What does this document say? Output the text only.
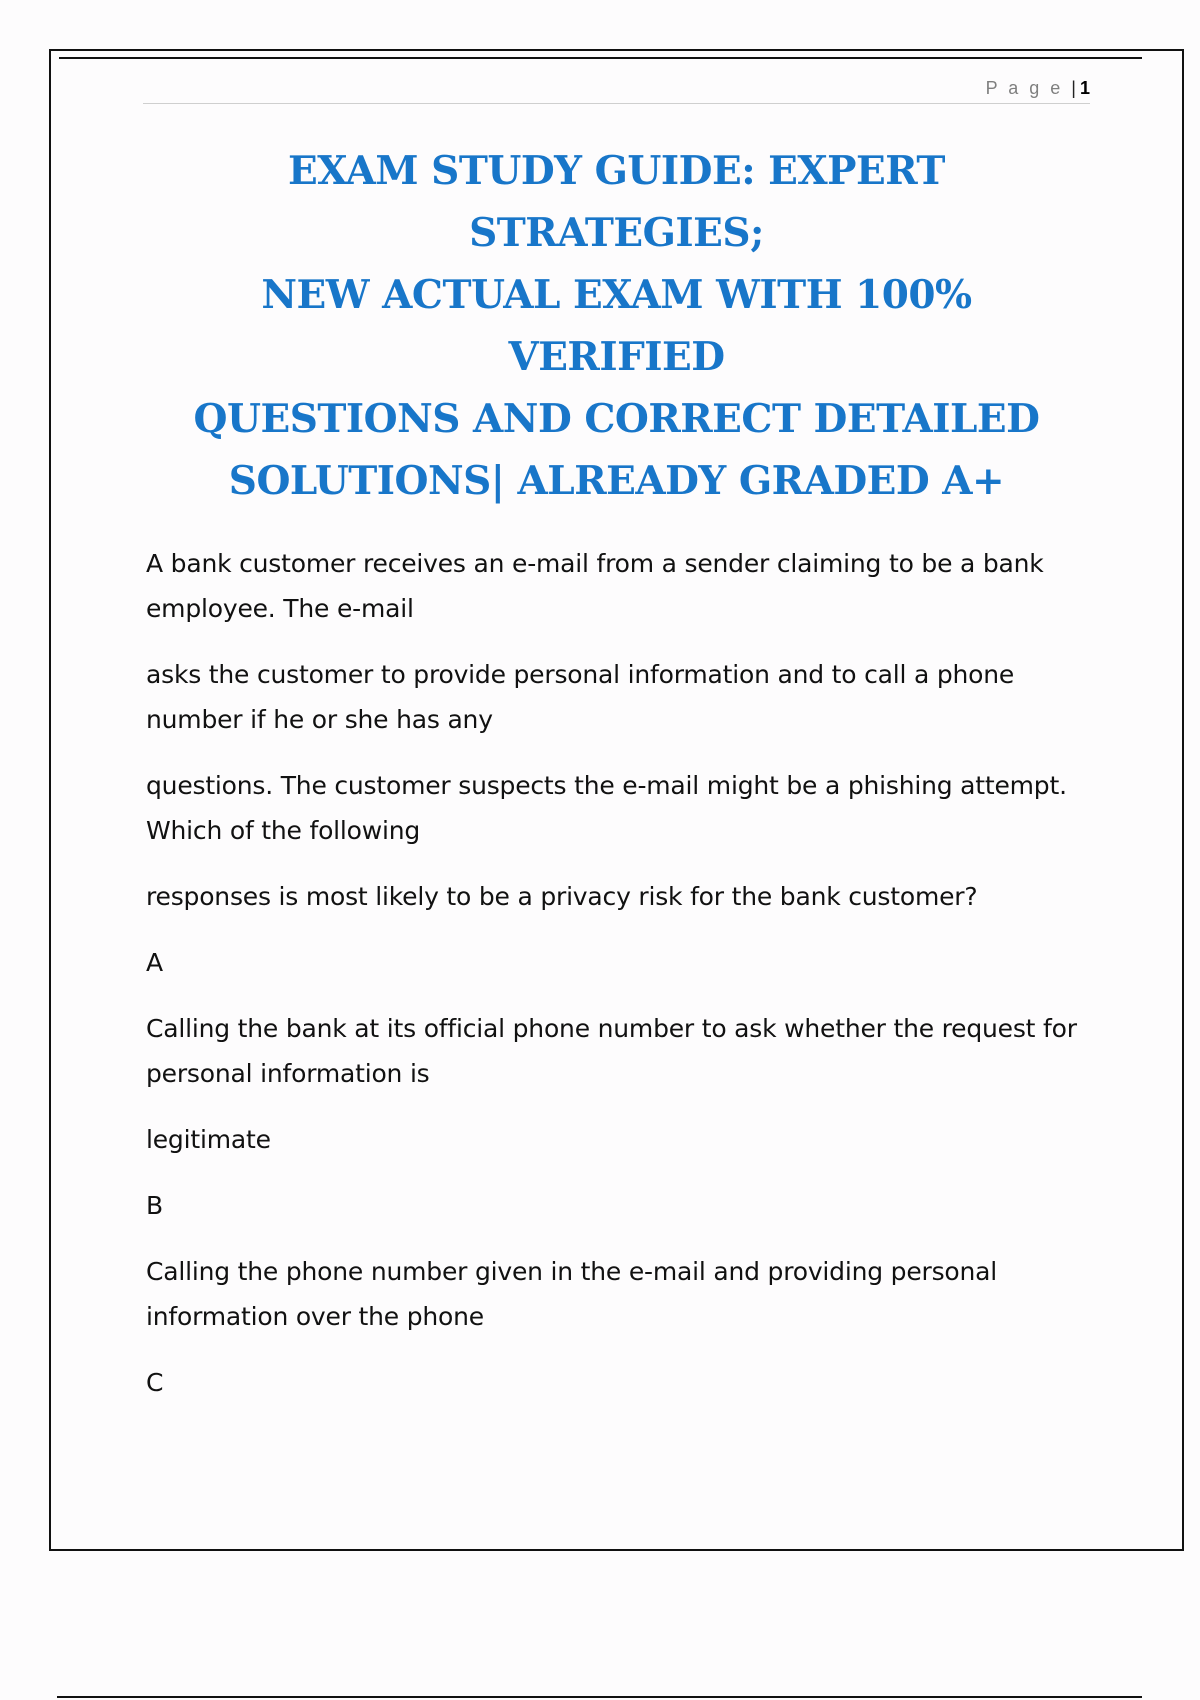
P a g e | 1
EXAM STUDY GUIDE: EXPERT STRATEGIES;
NEW ACTUAL EXAM WITH 100% VERIFIED
QUESTIONS AND CORRECT DETAILED
SOLUTIONS| ALREADY GRADED A+

A bank customer receives an e-mail from a sender claiming to be a bank employee. The e-mail

asks the customer to provide personal information and to call a phone number if he or she has any

questions. The customer suspects the e-mail might be a phishing attempt. Which of the following

responses is most likely to be a privacy risk for the bank customer?

A

Calling the bank at its official phone number to ask whether the request for personal information is

legitimate

B

Calling the phone number given in the e-mail and providing personal information over the phone

C
